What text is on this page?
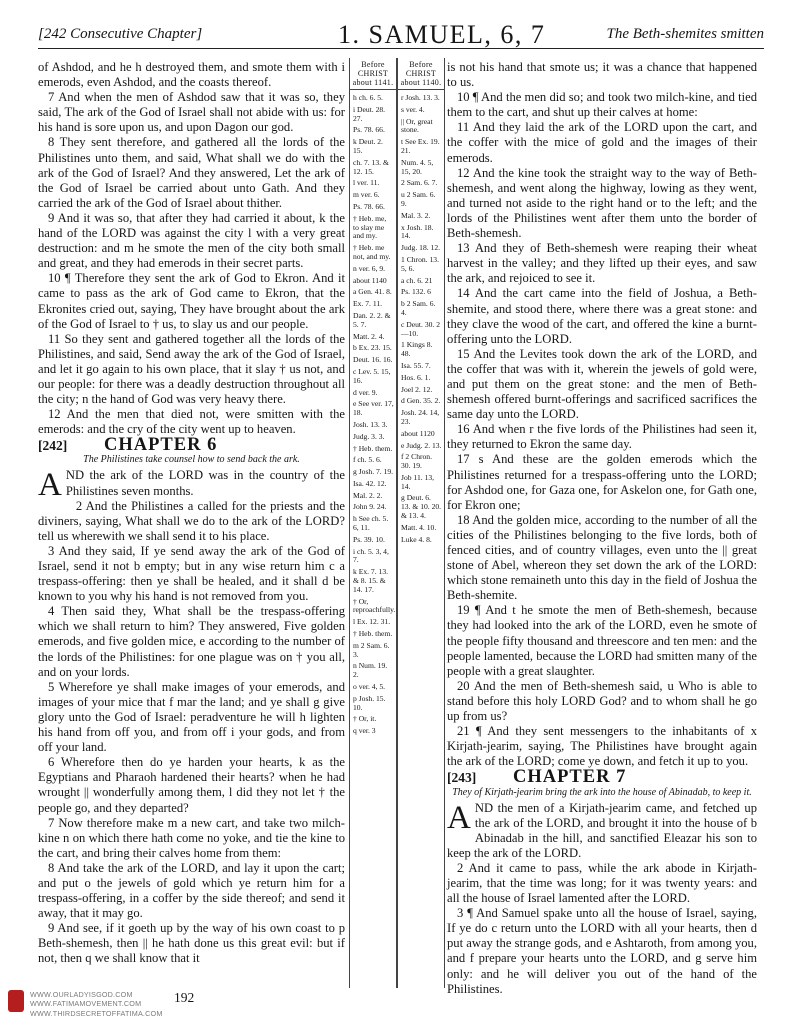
[242 Consecutive Chapter]	1. SAMUEL, 6, 7	The Beth-shemites smitten

of Ashdod, and he h destroyed them, and smote them with i emerods, even Ashdod, and the coasts thereof.

7 And when the men of Ashdod saw that it was so, they said, The ark of the God of Israel shall not abide with us: for his hand is sore upon us, and upon Dagon our god.

8 They sent therefore, and gathered all the lords of the Philistines unto them, and said, What shall we do with the ark of the God of Israel? And they answered, Let the ark of the God of Israel be carried about unto Gath. And they carried the ark of the God of Israel about thither.

9 And it was so, that after they had carried it about, k the hand of the LORD was against the city l with a very great destruction: and m he smote the men of the city both small and great, and they had emerods in their secret parts.

10 ¶ Therefore they sent the ark of God to Ekron. And it came to pass as the ark of God came to Ekron, that the Ekronites cried out, saying, They have brought about the ark of the God of Israel to † us, to slay us and our people.

11 So they sent and gathered together all the lords of the Philistines, and said, Send away the ark of the God of Israel, and let it go again to his own place, that it slay † us not, and our people: for there was a deadly destruction throughout all the city; n the hand of God was very heavy there.

12 And the men that died not, were smitten with the emerods: and the cry of the city went up to heaven.

[242]	CHAPTER 6
The Philistines take counsel how to send back the ark.

AND the ark of the LORD was in the country of the Philistines seven months.

2 And the Philistines a called for the priests and the diviners, saying, What shall we do to the ark of the LORD? tell us wherewith we shall send it to his place.

3 And they said, If ye send away the ark of the God of Israel, send it not b empty; but in any wise return him c a trespass-offering: then ye shall be healed, and it shall d be known to you why his hand is not removed from you.

4 Then said they, What shall be the trespass-offering which we shall return to him? They answered, Five golden emerods, and five golden mice, e according to the number of the lords of the Philistines: for one plague was on † you all, and on your lords.

5 Wherefore ye shall make images of your emerods, and images of your mice that f mar the land; and ye shall g give glory unto the God of Israel: peradventure he will h lighten his hand from off you, and from off i your gods, and from off your land.

6 Wherefore then do ye harden your hearts, k as the Egyptians and Pharaoh hardened their hearts? when he had wrought || wonderfully among them, l did they not let † the people go, and they departed?

7 Now therefore make m a new cart, and take two milch-kine n on which there hath come no yoke, and tie the kine to the cart, and bring their calves home from them:

8 And take the ark of the LORD, and lay it upon the cart; and put o the jewels of gold which ye return him for a trespass-offering, in a coffer by the side thereof; and send it away, that it may go.

9 And see, if it goeth up by the way of his own coast to p Beth-shemesh, then || he hath done us this great evil: but if not, then q we shall know that it

Before CHRIST about 1141.
h ch. 6. 5.
i Deut. 28. 27.
Ps. 78. 66.
k Deut. 2. 15.
ch. 7. 13. & 12. 15.
l ver. 11.
m ver. 6.
Ps. 78. 66.
† Heb. me, to slay me and my.
† Heb. me not, and my.
n ver. 6, 9.
about 1140
a Gen. 41. 8.
Ex. 7. 11.
Dan. 2. 2. & 5. 7.
Matt. 2. 4.
b Ex. 23. 15.
Deut. 16. 16.
c Lev. 5. 15, 16.
d ver. 9.
e See ver. 17, 18.
Josh. 13. 3.
Judg. 3. 3.
† Heb. them.
f ch. 5. 6.
g Josh. 7. 19.
Isa. 42. 12.
Mal. 2. 2.
John 9. 24.
h See ch. 5. 6, 11.
Ps. 39. 10.
i ch. 5. 3, 4, 7.
k Ex. 7. 13. & 8. 15. & 14. 17.
† Or, reproachfully.
l Ex. 12. 31.
† Heb. them.
m 2 Sam. 6. 3.
n Num. 19. 2.
o ver. 4, 5.
p Josh. 15. 10.
† Or, it.
q ver. 3
Before CHRIST about 1140.
r Josh. 13. 3.
s ver. 4.
|| Or, great stone.
t See Ex. 19. 21.
Num. 4. 5, 15, 20.
2 Sam. 6. 7.
u 2 Sam. 6. 9.
Mal. 3. 2.
x Josh. 18. 14.
Judg. 18. 12.
1 Chron. 13. 5, 6.
a ch. 6. 21
Ps. 132. 6
b 2 Sam. 6. 4.
c Deut. 30. 2—10.
1 Kings 8. 48.
Isa. 55. 7.
Hos. 6. 1.
Joel 2. 12.
d Gen. 35. 2.
Josh. 24. 14, 23.
about 1120
e Judg. 2. 13.
f 2 Chron. 30. 19.
Job 11. 13, 14.
g Deut. 6. 13. & 10. 20. & 13. 4.
Matt. 4. 10.
Luke 4. 8.

is not his hand that smote us; it was a chance that happened to us.

10 ¶ And the men did so; and took two milch-kine, and tied them to the cart, and shut up their calves at home:

11 And they laid the ark of the LORD upon the cart, and the coffer with the mice of gold and the images of their emerods.

12 And the kine took the straight way to the way of Beth-shemesh, and went along the highway, lowing as they went, and turned not aside to the right hand or to the left; and the lords of the Philistines went after them unto the border of Beth-shemesh.

13 And they of Beth-shemesh were reaping their wheat harvest in the valley; and they lifted up their eyes, and saw the ark, and rejoiced to see it.

14 And the cart came into the field of Joshua, a Beth-shemite, and stood there, where there was a great stone: and they clave the wood of the cart, and offered the kine a burnt-offering unto the LORD.

15 And the Levites took down the ark of the LORD, and the coffer that was with it, wherein the jewels of gold were, and put them on the great stone: and the men of Beth-shemesh offered burnt-offerings and sacrificed sacrifices the same day unto the LORD.

16 And when r the five lords of the Philistines had seen it, they returned to Ekron the same day.

17 s And these are the golden emerods which the Philistines returned for a trespass-offering unto the LORD; for Ashdod one, for Gaza one, for Askelon one, for Gath one, for Ekron one;

18 And the golden mice, according to the number of all the cities of the Philistines belonging to the five lords, both of fenced cities, and of country villages, even unto the || great stone of Abel, whereon they set down the ark of the LORD: which stone remaineth unto this day in the field of Joshua the Beth-shemite.

19 ¶ And t he smote the men of Beth-shemesh, because they had looked into the ark of the LORD, even he smote of the people fifty thousand and threescore and ten men: and the people lamented, because the LORD had smitten many of the people with a great slaughter.

20 And the men of Beth-shemesh said, u Who is able to stand before this holy LORD God? and to whom shall he go up from us?

21 ¶ And they sent messengers to the inhabitants of x Kirjath-jearim, saying, The Philistines have brought again the ark of the LORD; come ye down, and fetch it up to you.

[243]	CHAPTER 7
They of Kirjath-jearim bring the ark into the house of Abinadab, to keep it.

AND the men of a Kirjath-jearim came, and fetched up the ark of the LORD, and brought it into the house of b Abinadab in the hill, and sanctified Eleazar his son to keep the ark of the LORD.

2 And it came to pass, while the ark abode in Kirjath-jearim, that the time was long; for it was twenty years: and all the house of Israel lamented after the LORD.

3 ¶ And Samuel spake unto all the house of Israel, saying, If ye do c return unto the LORD with all your hearts, then d put away the strange gods, and e Ashtaroth, from among you, and f prepare your hearts unto the LORD, and g serve him only: and he will deliver you out of the hand of the Philistines.

WWW.OURLADYISGOD.COM
WWW.FATIMAMOVEMENT.COM
WWW.THIRDSECRETOFFATIMA.COM
192
